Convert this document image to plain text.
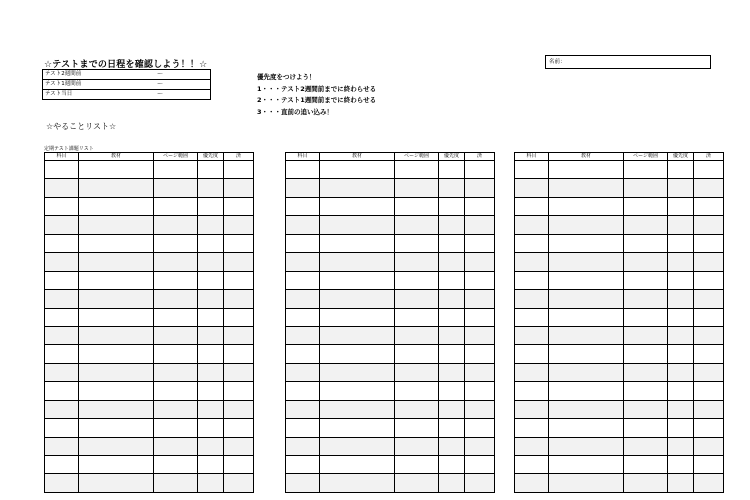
☆テストまでの日程を確認しよう！！☆
テスト2週間前	～
テスト1週間前	～
テスト当日	～
優先度をつけよう！
1・・・テスト2週間前までに終わらせる
2・・・テスト1週間前までに終わらせる
3・・・直前の追い込み！
名前：
☆やることリスト☆
定期テスト課題リスト
科目	教材	ページ範囲	優先度	済

					科目	教材	ページ範囲	優先度	済

					科目	教材	ページ範囲	優先度	済
